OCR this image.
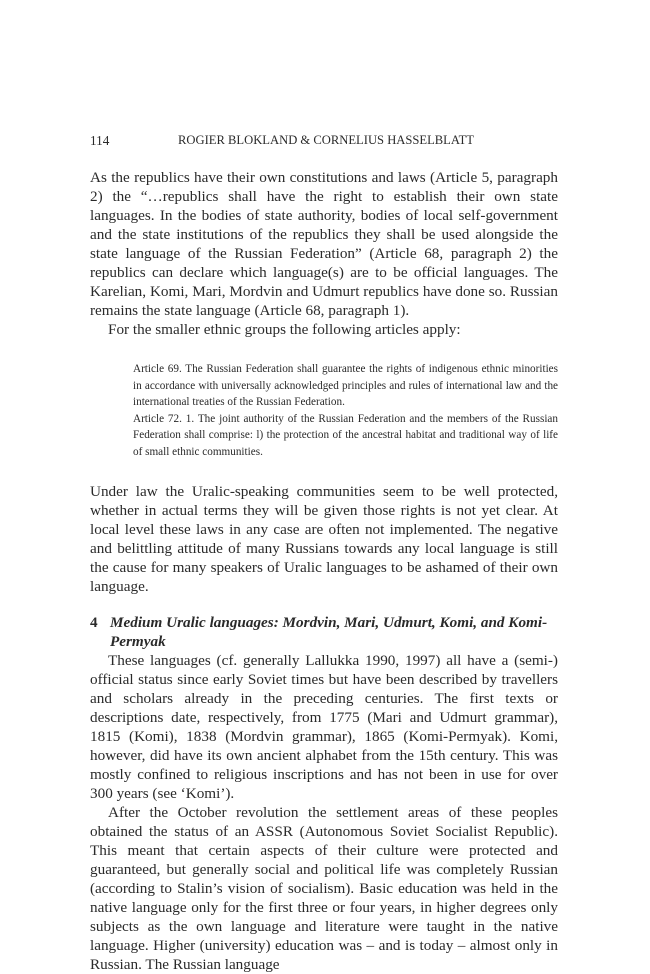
114	ROGIER BLOKLAND & CORNELIUS HASSELBLATT

As the republics have their own constitutions and laws (Article 5, paragraph 2) the “…republics shall have the right to establish their own state languages. In the bodies of state authority, bodies of local self-government and the state institutions of the republics they shall be used alongside the state language of the Russian Federation” (Article 68, paragraph 2) the republics can declare which language(s) are to be official languages. The Karelian, Komi, Mari, Mordvin and Udmurt republics have done so. Russian remains the state language (Article 68, paragraph 1).

For the smaller ethnic groups the following articles apply:

Article 69. The Russian Federation shall guarantee the rights of indigenous ethnic minorities in accordance with universally acknowledged principles and rules of international law and the international treaties of the Russian Federation.

Article 72. 1. The joint authority of the Russian Federation and the members of the Russian Federation shall comprise: l) the protection of the ancestral habitat and traditional way of life of small ethnic communities.

Under law the Uralic-speaking communities seem to be well protected, whether in actual terms they will be given those rights is not yet clear. At local level these laws in any case are often not implemented. The negative and belittling attitude of many Russians towards any local language is still the cause for many speakers of Uralic languages to be ashamed of their own language.

4 Medium Uralic languages: Mordvin, Mari, Udmurt, Komi, and Komi-Permyak

These languages (cf. generally Lallukka 1990, 1997) all have a (semi-) official status since early Soviet times but have been described by travellers and scholars already in the preceding centuries. The first texts or descriptions date, respectively, from 1775 (Mari and Udmurt grammar), 1815 (Komi), 1838 (Mordvin grammar), 1865 (Komi-Permyak). Komi, however, did have its own ancient alphabet from the 15th century. This was mostly confined to religious inscriptions and has not been in use for over 300 years (see ‘Komi’).

After the October revolution the settlement areas of these peoples obtained the status of an ASSR (Autonomous Soviet Socialist Republic). This meant that certain aspects of their culture were protected and guaranteed, but generally social and political life was completely Russian (according to Stalin’s vision of socialism). Basic education was held in the native language only for the first three or four years, in higher degrees only subjects as the own language and literature were taught in the native language. Higher (university) education was – and is today – almost only in Russian. The Russian language
